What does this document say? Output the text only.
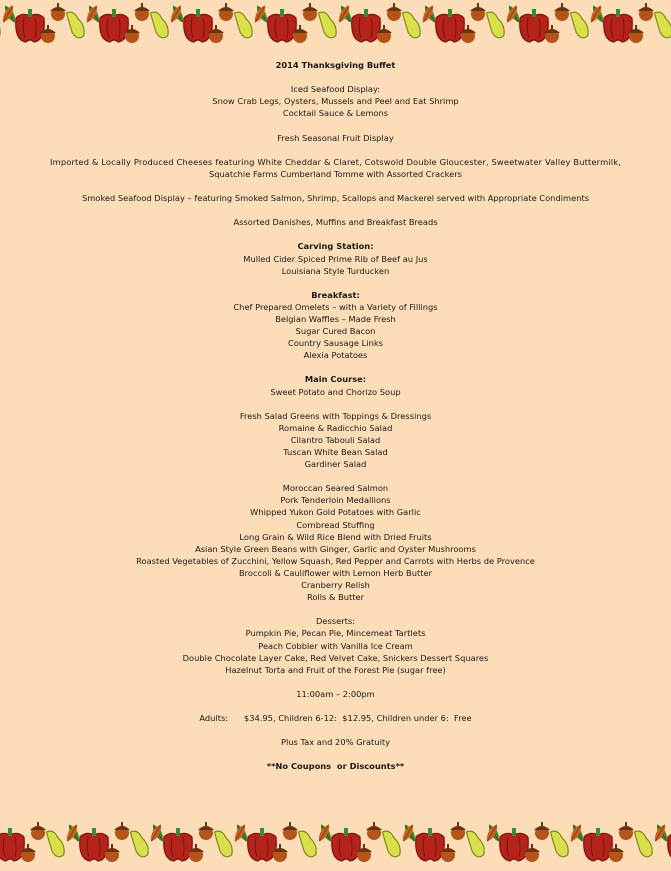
2014 Thanksgiving Buffet
Iced Seafood Display:
Snow Crab Legs, Oysters, Mussels and Peel and Eat Shrimp
Cocktail Sauce & Lemons
Fresh Seasonal Fruit Display
Imported & Locally Produced Cheeses featuring White Cheddar & Claret, Cotswold Double Gloucester, Sweetwater Valley Buttermilk,
Squatchie Farms Cumberland Tomme with Assorted Crackers
Smoked Seafood Display – featuring Smoked Salmon, Shrimp, Scallops and Mackerel served with Appropriate Condiments
Assorted Danishes, Muffins and Breakfast Breads
Carving Station:
Mulled Cider Spiced Prime Rib of Beef au Jus
Louisiana Style Turducken
Breakfast:
Chef Prepared Omelets – with a Variety of Fillings
Belgian Waffles – Made Fresh
Sugar Cured Bacon
Country Sausage Links
Alexia Potatoes
Main Course:
Sweet Potato and Chorizo Soup
Fresh Salad Greens with Toppings & Dressings
Romaine & Radicchio Salad
Cilantro Tabouli Salad
Tuscan White Bean Salad
Gardiner Salad
Moroccan Seared Salmon
Pork Tenderloin Medallions
Whipped Yukon Gold Potatoes with Garlic
Cornbread Stuffing
Long Grain & Wild Rice Blend with Dried Fruits
Asian Style Green Beans with Ginger, Garlic and Oyster Mushrooms
Roasted Vegetables of Zucchini, Yellow Squash, Red Pepper and Carrots with Herbs de Provence
Broccoli & Cauliflower with Lemon Herb Butter
Cranberry Relish
Rolls & Butter
Desserts:
Pumpkin Pie, Pecan Pie, Mincemeat Tartlets
Peach Cobbler with Vanilla Ice Cream
Double Chocolate Layer Cake, Red Velvet Cake, Snickers Dessert Squares
Hazelnut Torta and Fruit of the Forest Pie (sugar free)
11:00am – 2:00pm
Adults:      $34.95, Children 6-12:  $12.95, Children under 6:  Free
Plus Tax and 20% Gratuity
**No Coupons  or Discounts**
